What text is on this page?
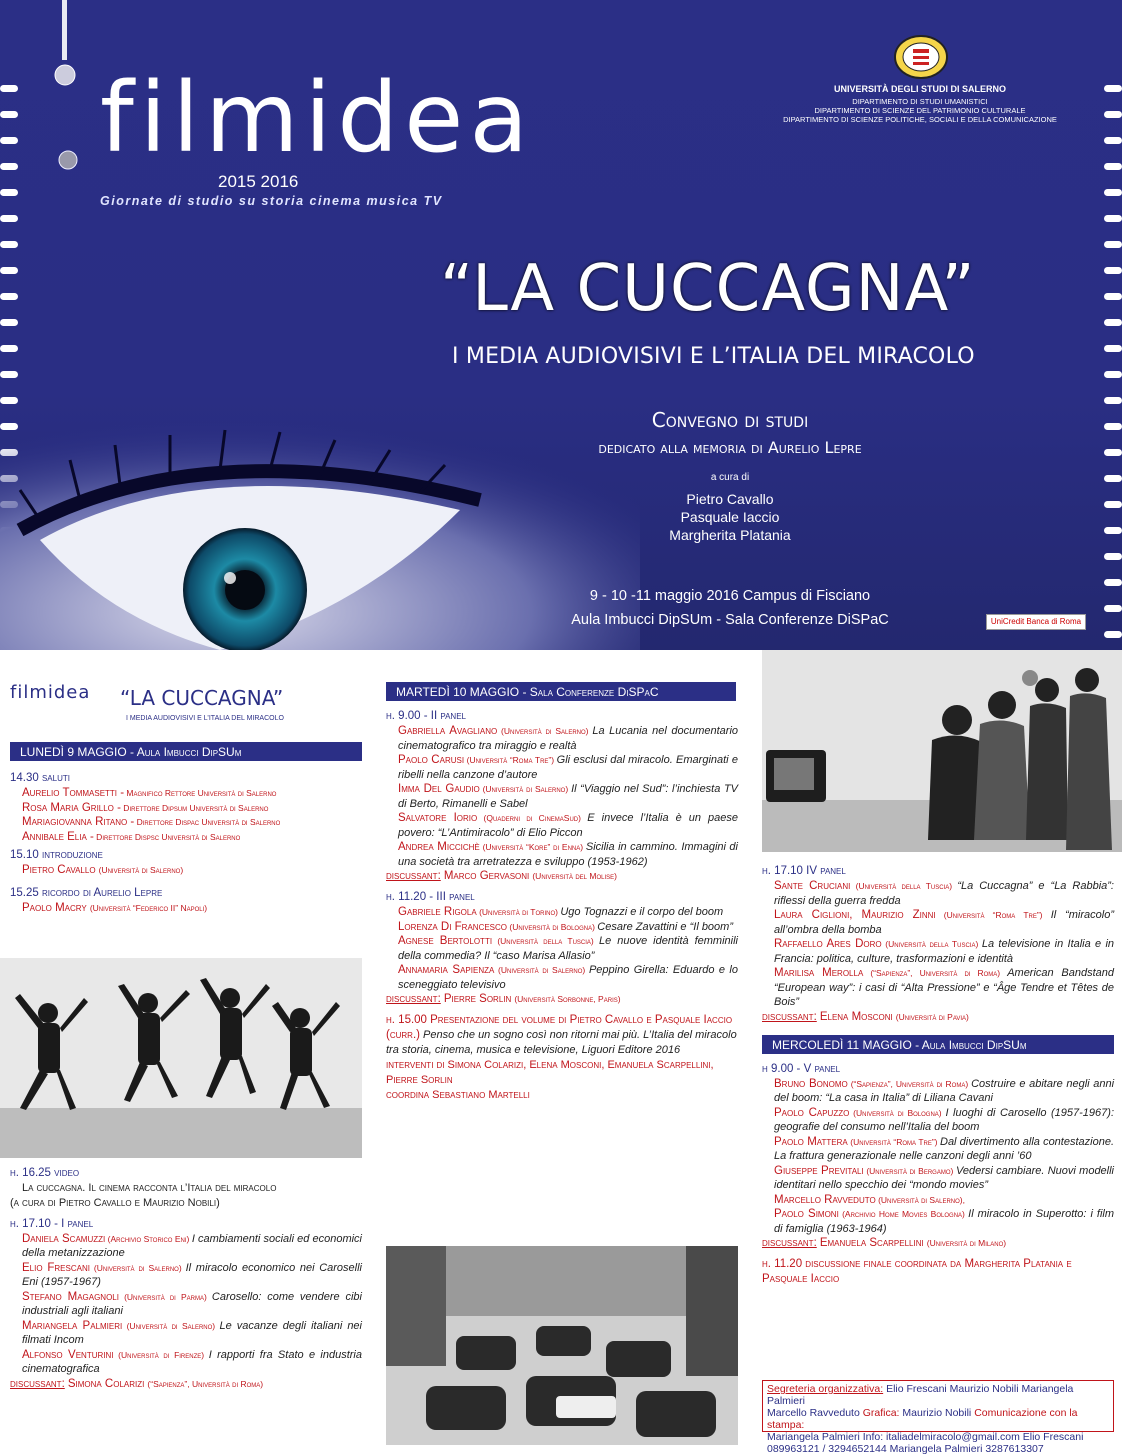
filmidea
2015 2016
Giornate di studio su storia cinema musica TV
UNIVERSITÀ DEGLI STUDI DI SALERNO
DIPARTIMENTO DI STUDI UMANISTICI
DIPARTIMENTO DI SCIENZE DEL PATRIMONIO CULTURALE
DIPARTIMENTO DI SCIENZE POLITICHE, SOCIALI E DELLA COMUNICAZIONE
“LA CUCCAGNA”
I MEDIA AUDIOVISIVI E L’ITALIA DEL MIRACOLO
Convegno di studi
dedicato alla memoria di Aurelio Lepre
a cura di
Pietro Cavallo
Pasquale Iaccio
Margherita Platania
9 - 10 -11 maggio 2016 Campus di Fisciano
Aula Imbucci DipSUm - Sala Conferenze DiSPaC	UniCredit Banca di Roma
filmidea	“LA CUCCAGNA”
I MEDIA AUDIOVISIVI E L’ITALIA DEL MIRACOLO
LUNEDÌ 9 MAGGIO - Aula Imbucci DipSUm
14.30 saluti
Aurelio Tommasetti - Magnifico Rettore Università di Salerno
Rosa Maria Grillo - Direttore Dipsum Università di Salerno
Mariagiovanna Ritano - Direttore Dispac Università di Salerno
Annibale Elia - Direttore Dispsc Università di Salerno
15.10 introduzione
Pietro Cavallo (Università di Salerno)
15.25 ricordo di Aurelio Lepre
Paolo Macry (Università “Federico II” Napoli)
h. 16.25 video
La cuccagna. Il cinema racconta l’Italia del miracolo
(a cura di Pietro Cavallo e Maurizio Nobili)
h. 17.10 - I panel
Daniela Scamuzzi (Archivio Storico Eni) I cambiamenti sociali ed economici della metanizzazione
Elio Frescani (Università di Salerno) Il miracolo economico nei Caroselli Eni (1957-1967)
Stefano Magagnoli (Università di Parma) Carosello: come vendere cibi industriali agli italiani
Mariangela Palmieri (Università di Salerno) Le vacanze degli italiani nei filmati Incom
Alfonso Venturini (Università di Firenze) I rapporti fra Stato e industria cinematografica
discussant: Simona Colarizi (“Sapienza”, Università di Roma)
MARTEDÌ 10 MAGGIO - Sala Conferenze DiSPaC
h. 9.00 - II panel
Gabriella Avagliano (Università di Salerno) La Lucania nel documentario cinematografico tra miraggio e realtà
Paolo Carusi (Università “Roma Tre”) Gli esclusi dal miracolo. Emarginati e ribelli nella canzone d’autore
Imma Del Gaudio (Università di Salerno) Il “Viaggio nel Sud”: l’inchiesta TV di Berto, Rimanelli e Sabel
Salvatore Iorio (Quaderni di CinemaSud) E invece l’Italia è un paese povero: “L’Antimiracolo” di Elio Piccon
Andrea Miccichè (Università “Kore” di Enna) Sicilia in cammino. Immagini di una società tra arretratezza e sviluppo (1953-1962)
discussant: Marco Gervasoni (Università del Molise)
h. 11.20 - III panel
Gabriele Rigola (Università di Torino) Ugo Tognazzi e il corpo del boom
Lorenza Di Francesco (Università di Bologna) Cesare Zavattini e “Il boom”
Agnese Bertolotti (Università della Tuscia) Le nuove identità femminili della commedia? Il “caso Marisa Allasio”
Annamaria Sapienza (Università di Salerno) Peppino Girella: Eduardo e lo sceneggiato televisivo
discussant: Pierre Sorlin (Università Sorbonne, Paris)
h. 15.00 Presentazione del volume di Pietro Cavallo e Pasquale Iaccio (curr.) Penso che un sogno così non ritorni mai più. L’Italia del miracolo tra storia, cinema, musica e televisione, Liguori Editore 2016
interventi di Simona Colarizi, Elena Mosconi, Emanuela Scarpellini, Pierre Sorlin
coordina Sebastiano Martelli
h. 17.10 IV panel
Sante Cruciani (Università della Tuscia) “La Cuccagna” e “La Rabbia”: riflessi della guerra fredda
Laura Ciglioni, Maurizio Zinni (Università “Roma Tre”) Il “miracolo” all’ombra della bomba
Raffaello Ares Doro (Università della Tuscia) La televisione in Italia e in Francia: politica, culture, trasformazioni e identità
Marilisa Merolla (“Sapienza”, Università di Roma) American Bandstand “European way”: i casi di “Alta Pressione” e “Âge Tendre et Têtes de Bois”
discussant: Elena Mosconi (Università di Pavia)
MERCOLEDÌ 11 MAGGIO - Aula Imbucci DipSUm
h 9.00 - V panel
Bruno Bonomo (“Sapienza”, Università di Roma) Costruire e abitare negli anni del boom: “La casa in Italia” di Liliana Cavani
Paolo Capuzzo (Università di Bologna) I luoghi di Carosello (1957-1967): geografie del consumo nell’Italia del boom
Paolo Mattera (Università “Roma Tre”) Dal divertimento alla contestazione. La frattura generazionale nelle canzoni degli anni ’60
Giuseppe Previtali (Università di Bergamo) Vedersi cambiare. Nuovi modelli identitari nello specchio dei “mondo movies”
Marcello Ravveduto (Università di Salerno),
Paolo Simoni (Archivio Home Movies Bologna) Il miracolo in Superotto: i film di famiglia (1963-1964)
discussant: Emanuela Scarpellini (Università di Milano)
h. 11.20 discussione finale coordinata da Margherita Platania e Pasquale Iaccio
Segreteria organizzativa: Elio Frescani Maurizio Nobili Mariangela Palmieri
Marcello Ravveduto Grafica: Maurizio Nobili Comunicazione con la stampa:
Mariangela Palmieri Info: italiadelmiracolo@gmail.com Elio Frescani
089963121 / 3294652144 Mariangela Palmieri 3287613307
